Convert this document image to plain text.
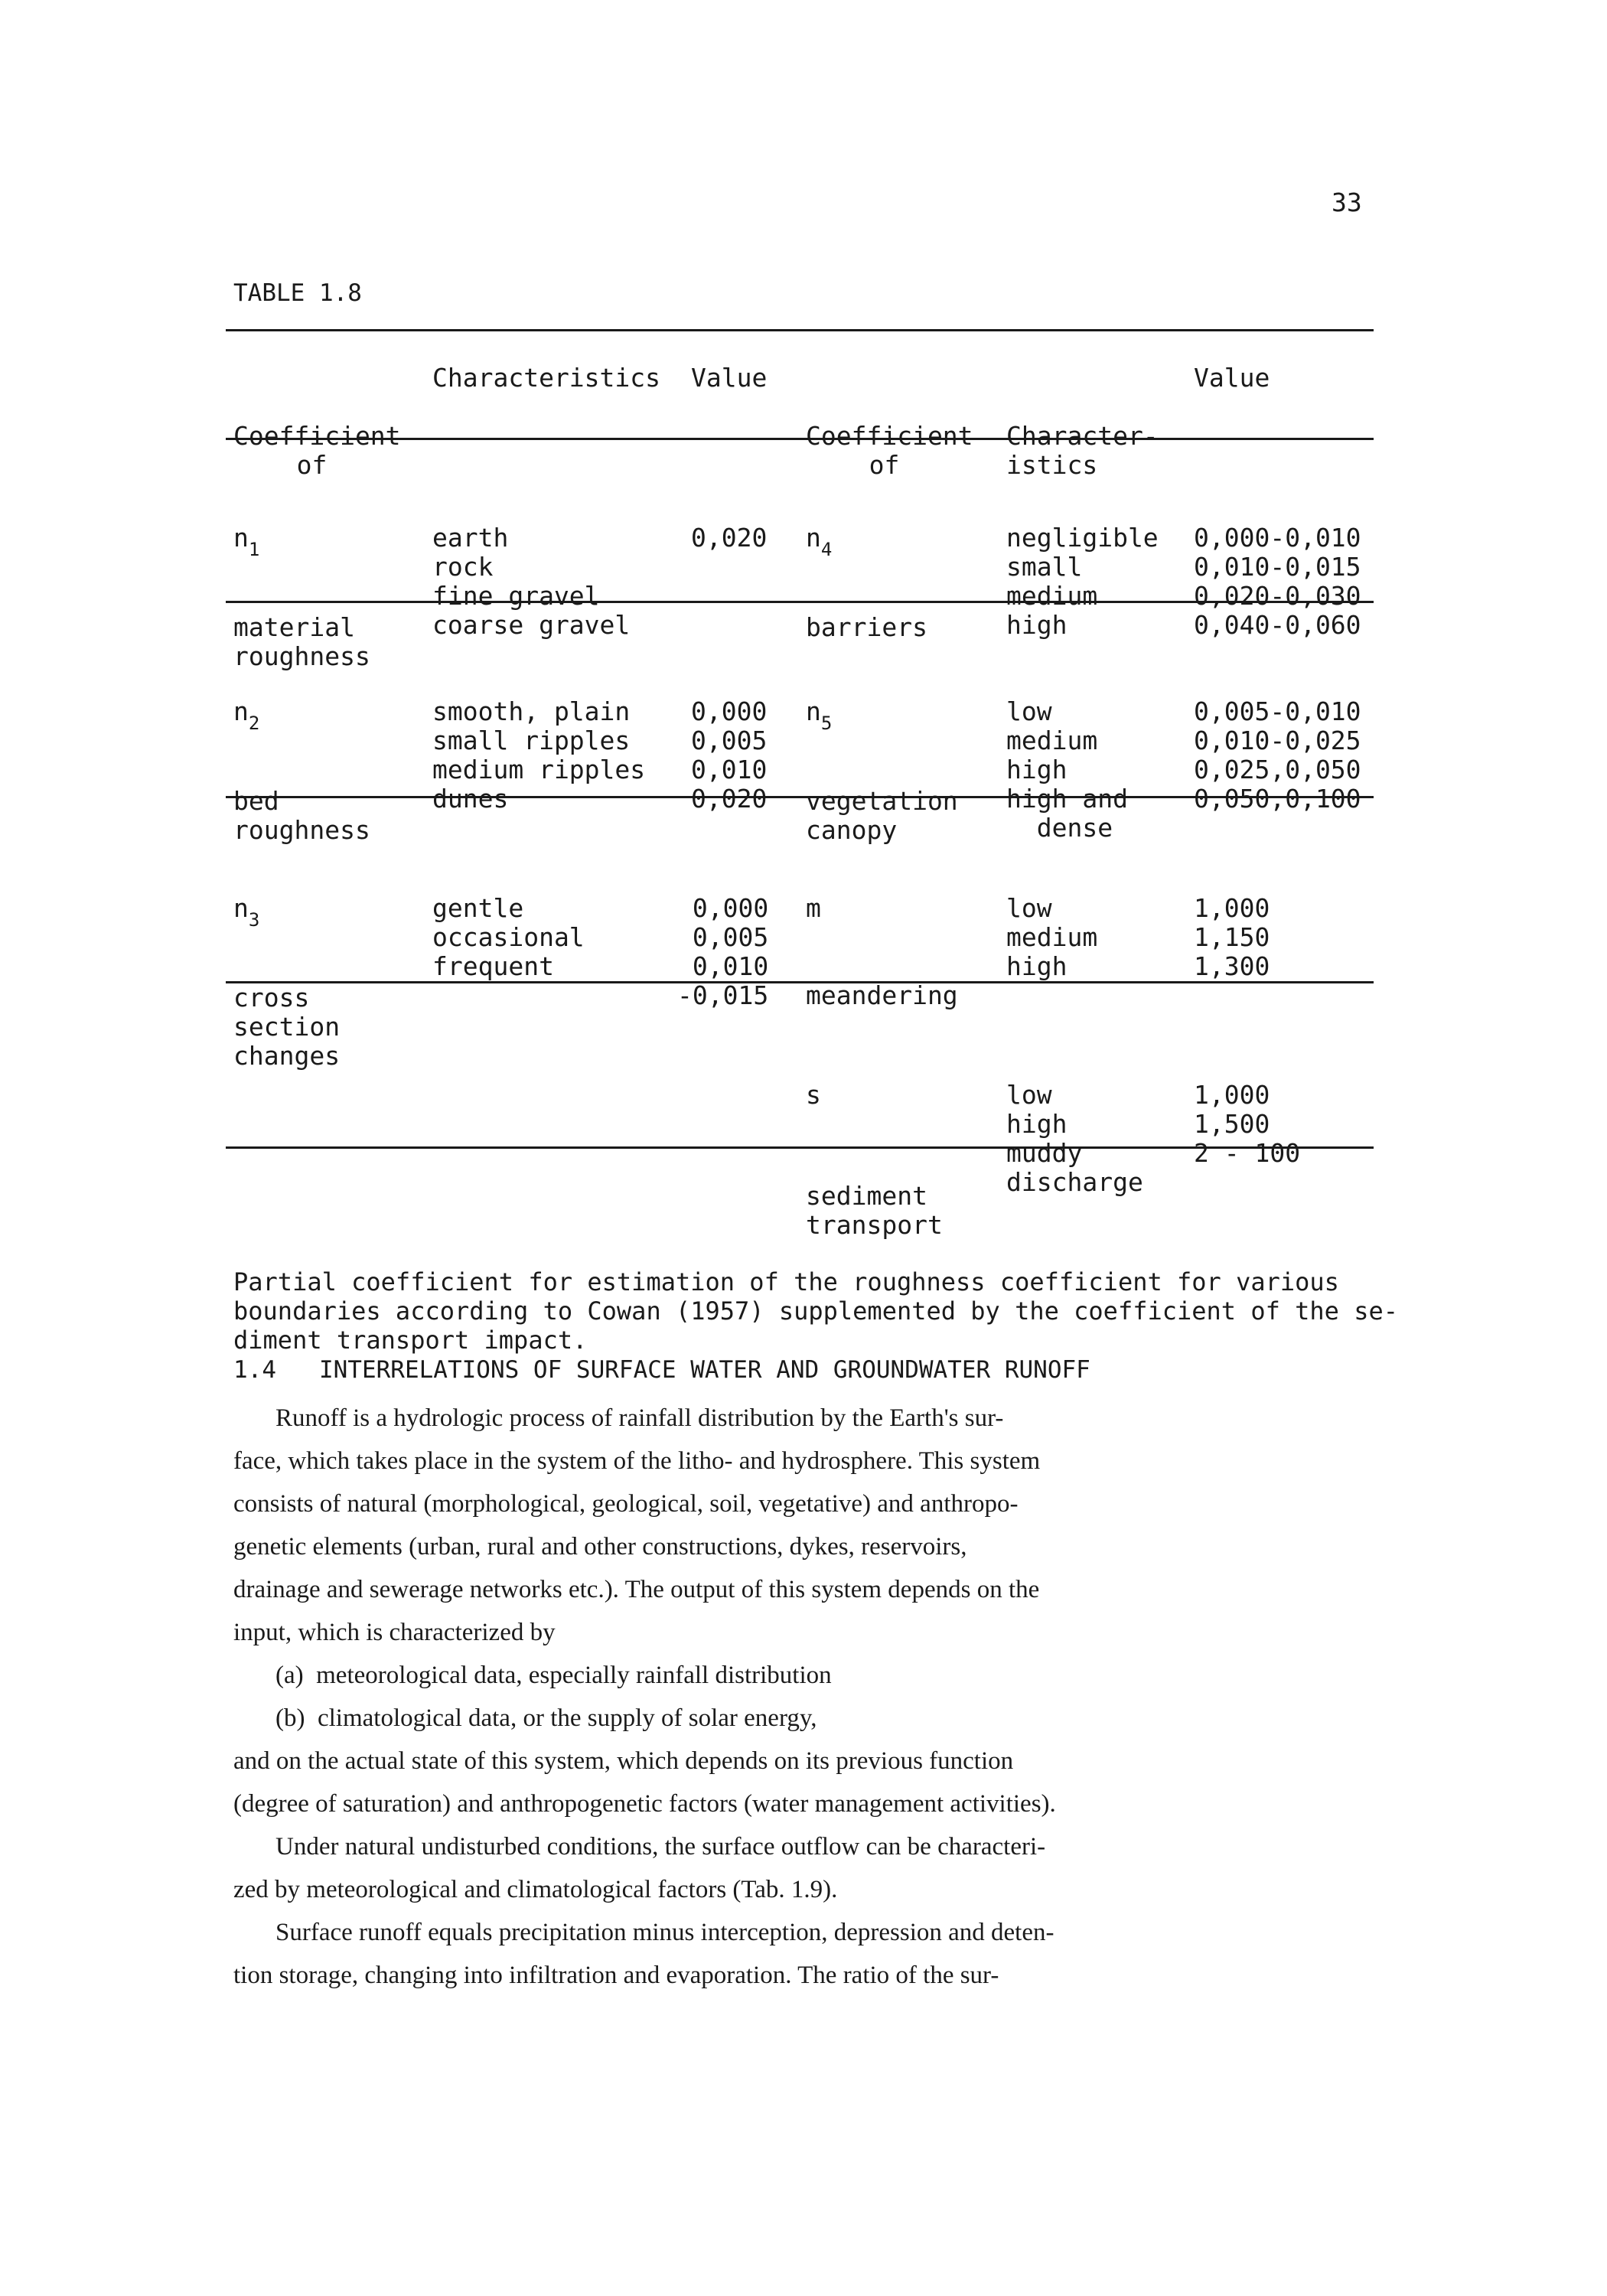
33
TABLE 1.8

Coefficient
of

Characteristics Value

Coefficient
of

Character-
istics

Value

$n_1$

material
roughness

earth
rock
fine gravel
coarse gravel

0,020

$n_4$

barriers

negligible
small
medium
high

0,000-0,010
0,010-0,015
0,020-0,030
0,040-0,060

$n_2$

bed
roughness

smooth, plain
small ripples
medium ripples
dunes

0,000
0,005
0,010
0,020

$n_5$

vegetation
canopy

low
medium
high
high and
dense

0,005-0,010
0,010-0,025
0,025,0,050
0,050,0,100

$n_3$

cross
section
changes

gentle
occasional
frequent

0,000
0,005
0,010
-0,015

m

meandering

low
medium
high

1,000
1,150
1,300

s

sediment
transport

low
high
muddy
discharge

1,000
1,500
2 - 100

Partial coefficient for estimation of the roughness coefficient for various
boundaries according to Cowan (1957) supplemented by the coefficient of the se-
diment transport impact.

1.4   INTERRELATIONS OF SURFACE WATER AND GROUNDWATER RUNOFF

Runoff is a hydrologic process of rainfall distribution by the Earth's sur-

face, which takes place in the system of the litho- and hydrosphere. This system

consists of natural (morphological, geological, soil, vegetative) and anthropo-

genetic elements (urban, rural and other constructions, dykes, reservoirs,

drainage and sewerage networks etc.). The output of this system depends on the

input, which is characterized by

(a)  meteorological data, especially rainfall distribution

(b)  climatological data, or the supply of solar energy,

and on the actual state of this system, which depends on its previous function

(degree of saturation) and anthropogenetic factors (water management activities).

Under natural undisturbed conditions, the surface outflow can be characteri-

zed by meteorological and climatological factors (Tab. 1.9).

Surface runoff equals precipitation minus interception, depression and deten-

tion storage, changing into infiltration and evaporation. The ratio of the sur-
